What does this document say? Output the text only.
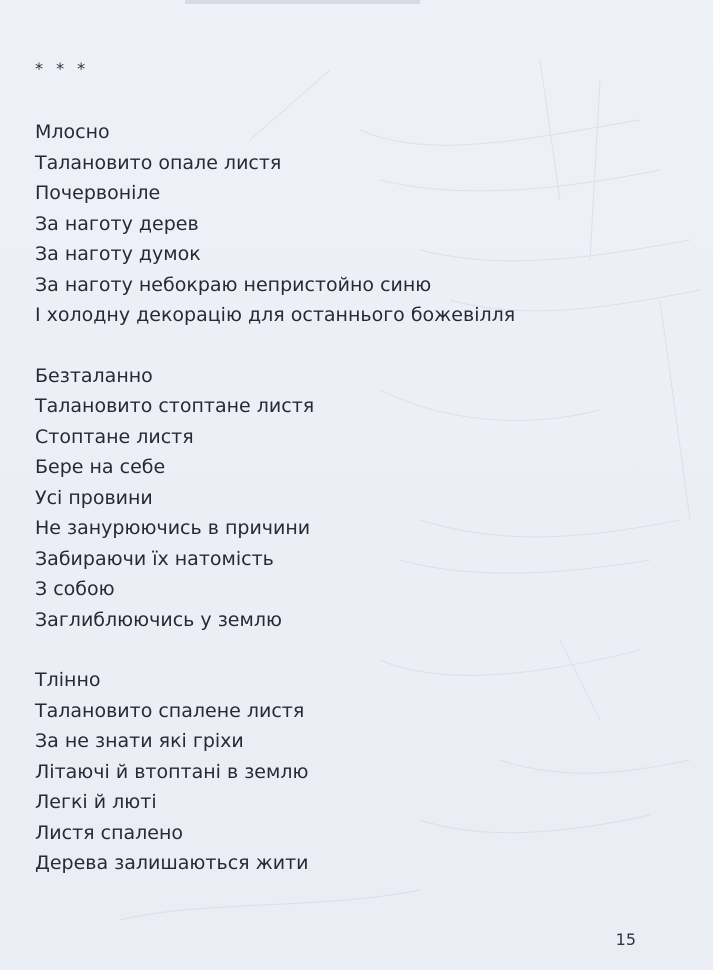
* * *
Млосно
Талановито опале листя
Почервоніле
За наготу дерев
За наготу думок
За наготу небокраю непристойно синю
І холодну декорацію для останнього божевілля
Безталанно
Талановито стоптане листя
Стоптане листя
Бере на себе
Усі провини
Не занурюючись в причини
Забираючи їх натомість
З собою
Заглиблюючись у землю
Тлінно
Талановито спалене листя
За не знати які гріхи
Літаючі й втоптані в землю
Легкі й люті
Листя спалено
Дерева залишаються жити
15
